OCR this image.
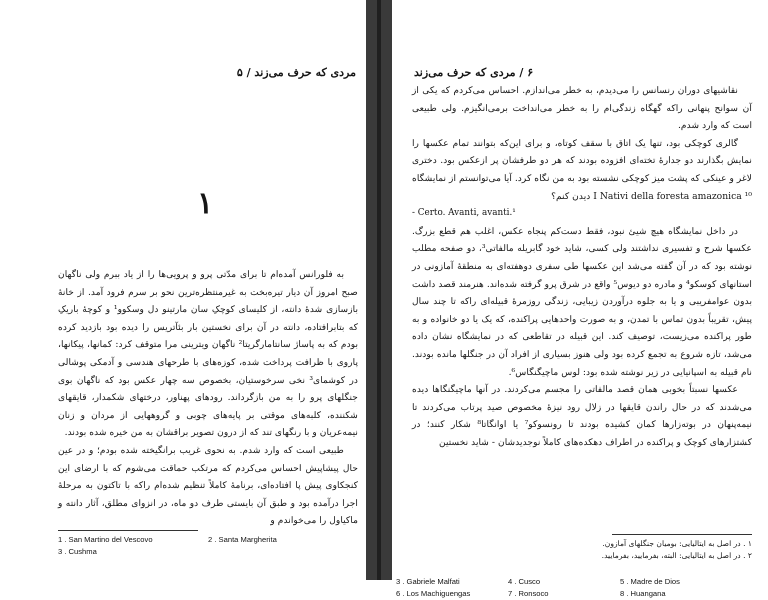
مردی که حرف می‌زند / ۵
۱

به فلورانس آمده‌ام تا برای مدّتی پرو و پرویی‌ها را از یاد ببرم ولی ناگهان صبح امروز آن دیار تیره‌بخت به غیرمنتظره‌ترین نحو بر سرم فرود آمد. از خانهٔ بازسازی شدهٔ دانته، از کلیسای کوچکِ سان مارتینو دل وسکوو¹ و کوچهٔ باریکِ که بتابرافتاده، دانته در آن برای نخستین بار بئآتریس را دیده بود بازدید کرده بودم که به پاساژ سانتامارگریتا² ناگهان ویترینی مرا متوقف کرد: کما‌نها، پیکانها، پاروی با ظرافت پرداخت شده، کوزه‌های با طرحهای هندسی و آدمکی پوشالی در کوشمای³ نخی سرخوستیان، بخصوص سه چهار عکس بود که ناگهان بوی جنگلهای پرو را به من بازگرداند. رودهای پهناور، درختهای شکمدار، قایقهای شکننده، کلبه‌های موقتی بر پایه‌های چوبی و گروههایی از مردان و زنان نیمه‌عریان و با رنگهای تند که از درون تصویر براقشان به من خیره شده بودند.

طبیعی است که وارد شدم. به نحوی غریب برانگیخته شده بودم؛ و در عین حال پیشاپیش احساس می‌کردم که مرتکب حماقت می‌شوم که با ارضای این کنجکاوی پیش پا افتاده‌ای، برنامهٔ کاملاً تنظیم شده‌ام راکه با تاکتون به مرحلهٔ اجرا درآمده بود و طبق آن بایستی طرف دو ماه، در انزوای مطلق، آثار دانته و ماکیاول را می‌خواندم و

1 . San Martino del Vescovo	2 . Santa Margherita
3 . Cushma
۶ / مردی که حرف می‌زند

نقاشیهای دوران رنسانس را می‌دیدم، به خطر می‌اندازم. احساس می‌کردم که یکی از آن سوانح پنهانی راکه گهگاه زندگی‌ام را به خطر می‌انداخت برمی‌انگیزم. ولی طبیعی است که وارد شدم.

گالری کوچکی بود، تنها یک اتاق با سقف کوتاه، و برای این‌که بتوانند تمام عکسها را نمایش بگذارند دو جدارهٔ تخته‌ای افزوده بودند که هر دو طرفشان پر ازعکس بود. دختری لاغر و عینکی که پشت میز کوچکی نشسته بود به من نگاه کرد. آیا می‌توانستم از نمایشگاه ¹⁰ I Nativi della foresta amazonica دیدن کنم؟

- Certo. Avanti, avanti.¹

در داخل نمایشگاه هیچ شیئ نبود، فقط دست‌کم پنجاه عکس، اغلب هم قطع بزرگ. عکسها شرح و تفسیری نداشتند ولی کسی، شاید خود گابریله مالفاتی³، دو صفحه مطلب نوشته بود که در آن گفته می‌شد این عکسها طی سفری دوهفته‌ای به منطقهٔ آمازونی در استانهای کوسکو⁴ و مادره دو دیوس⁵ واقع در شرق پرو گرفته شده‌اند. هنرمند قصد داشت بدون عوامفریبی و یا به جلوه درآوردن زیبایی، زندگی روزمرهٔ قبیله‌ای راکه تا چند سال پیش، تقریباً بدون تماس با تمدن، و به صورت واحدهایی پراکنده، که یک یا دو خانواده و به طور پراکنده می‌زیست، توصیف کند. این قبیله در تقاطعی که در نمایشگاه نشان داده می‌شد، تازه شروع به تجمع کرده بود ولی هنوز بسیاری از افراد آن در جنگلها مانده بودند. نام قبیله به اسپانیایی در زیر نوشته شده بود: لوس ماچیگنگاس⁶.

عکسها نسبتاً بخوبی همان قصد مالفاتی را مجسم می‌کردند. در آنها ماچیگنگاها دیده می‌شدند که در حال راندن قایقها در زلال رود نیزهٔ مخصوص صید پرتاب می‌کردند تا نیمه‌پنهان در بوته‌زارها کمان کشیده بودند تا رونسوکو⁷ یا اوانگاتا⁸ شکار کنند؛ در کشتزارهای کوچک و پراکنده در اطراف دهکده‌های کاملاً نوجدیدشان - شاید نخستین

۱ . در اصل به ایتالیایی: بومیان جنگلهای آمازون.
۲ . در اصل به ایتالیایی: البته، بفرمایید، بفرمایید.
3 . Gabriele Malfati	4 . Cusco	5 . Madre de Dios
6 . Los Machiguengas	7 . Ronsoco	8 . Huangana
